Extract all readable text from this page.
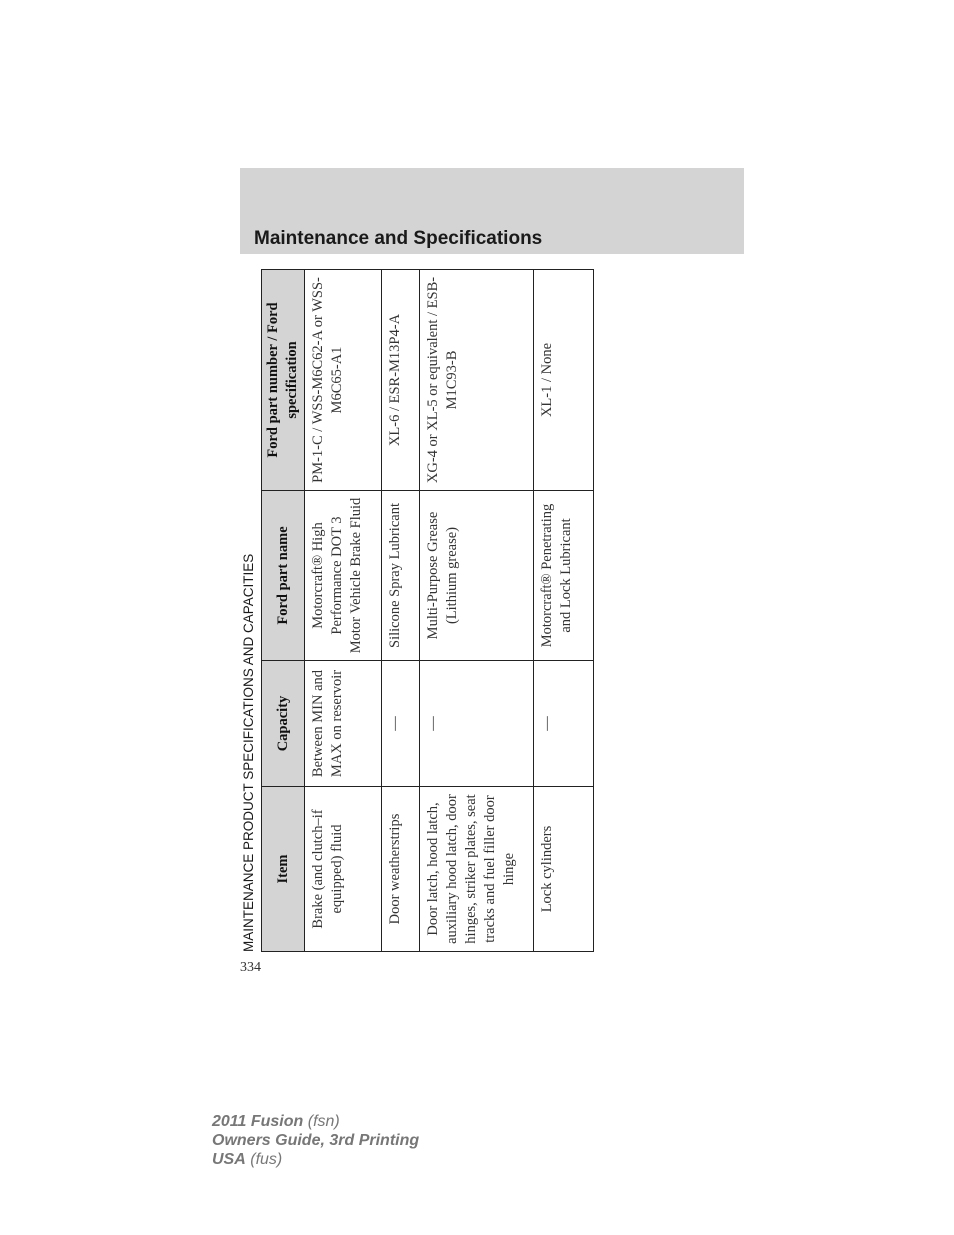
Maintenance and Specifications
MAINTENANCE PRODUCT SPECIFICATIONS AND CAPACITIES Item	Capacity	Ford part name	Ford part number / Ford specification

Brake (and clutch–if equipped) fluid	Between MIN and MAX on reservoir	Motorcraft® High Performance DOT 3 Motor Vehicle Brake Fluid	PM-1-C / WSS-M6C62-A or WSS-M6C65-A1

Door weatherstrips	—	Silicone Spray Lubricant	XL-6 / ESR-M13P4-A

Door latch, hood latch, auxiliary hood latch, door hinges, striker plates, seat tracks and fuel filler door hinge	—	Multi-Purpose Grease (Lithium grease)	XG-4 or XL-5 or equivalent / ESB-M1C93-B

Lock cylinders	—	Motorcraft® Penetrating and Lock Lubricant	XL-1 / None
334
2011 Fusion (fsn)
Owners Guide, 3rd Printing
USA (fus)
